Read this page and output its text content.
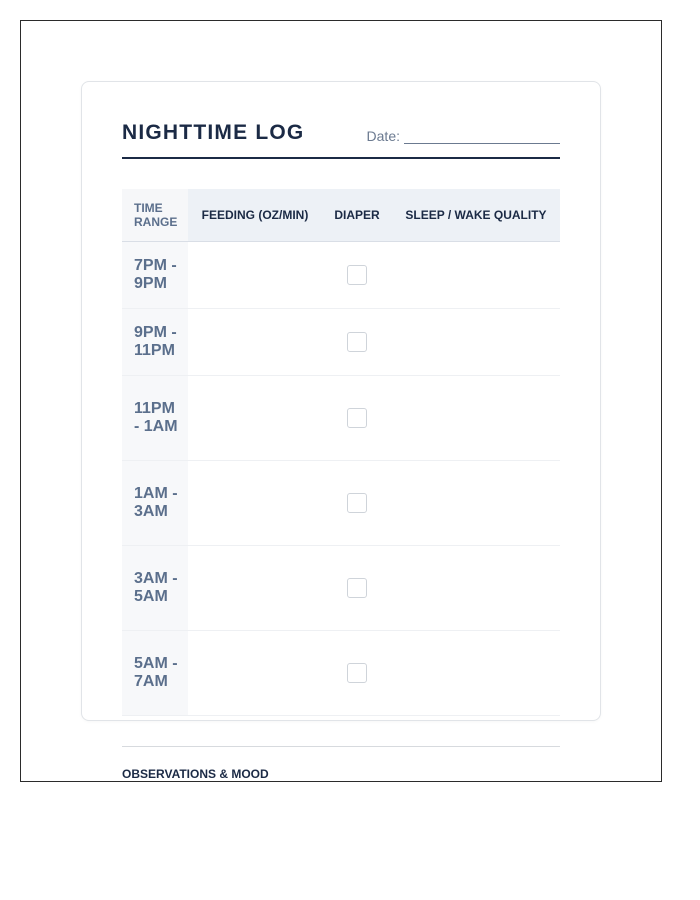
NIGHTTIME LOG	Date:
TIME RANGE	FEEDING (OZ/MIN)	DIAPER	SLEEP / WAKE QUALITY
7PM - 9PM			
9PM - 11PM			
11PM - 1AM			
1AM - 3AM			
3AM - 5AM			
5AM - 7AM			
OBSERVATIONS & MOOD
